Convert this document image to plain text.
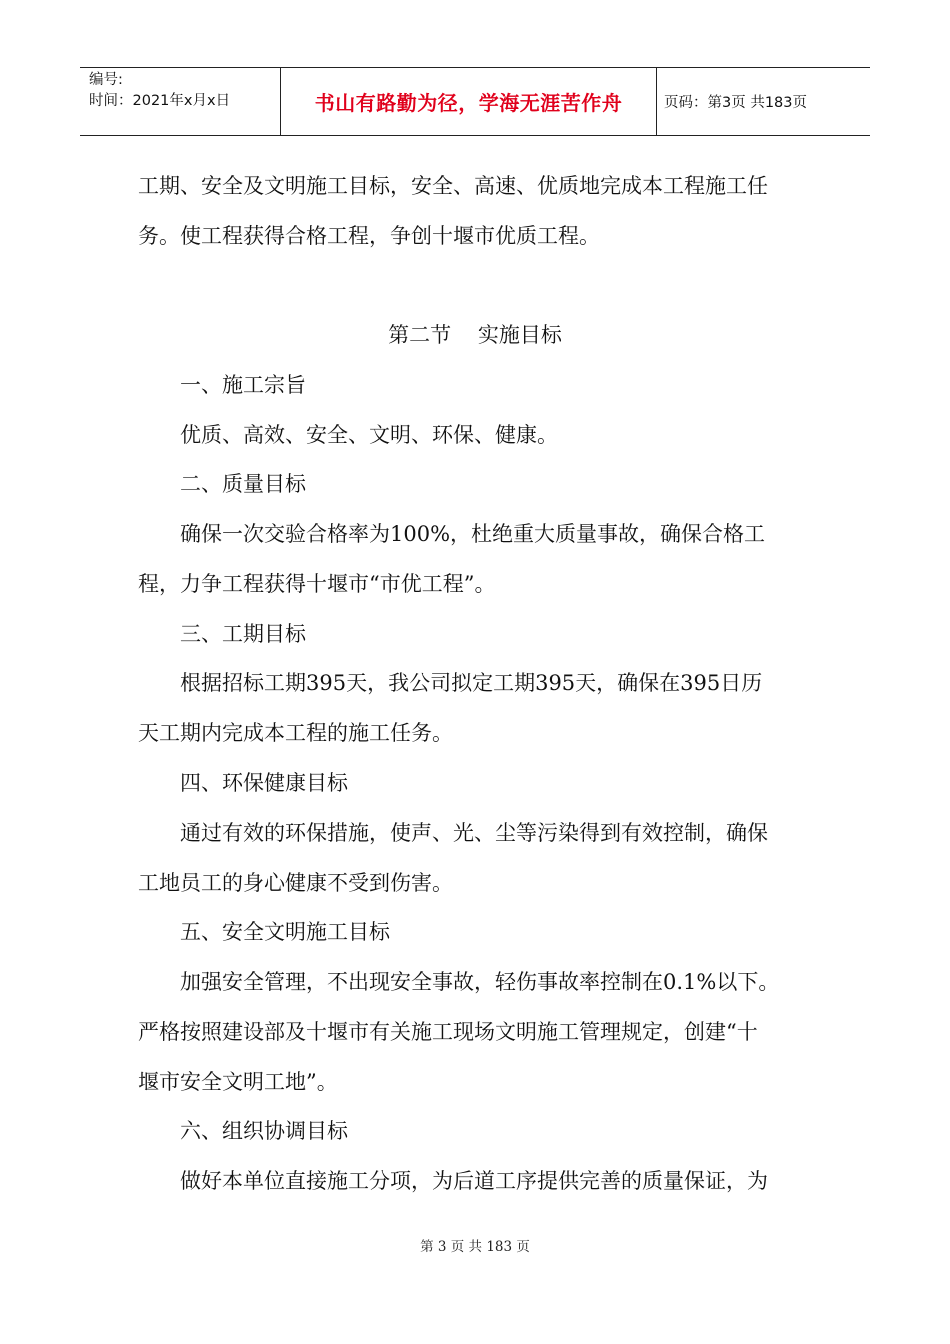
编号:
时间：2021年x月x日	书山有路勤为径，学海无涯苦作舟	页码：第3页 共183页
工期、安全及文明施工目标，安全、高速、优质地完成本工程施工任
务。使工程获得合格工程，争创十堰市优质工程。
第二节    实施目标
一、施工宗旨
优质、高效、安全、文明、环保、健康。
二、质量目标
确保一次交验合格率为100%，杜绝重大质量事故，确保合格工
程，力争工程获得十堰市“市优工程”。
三、工期目标
根据招标工期395天，我公司拟定工期395天，确保在395日历
天工期内完成本工程的施工任务。
四、环保健康目标
通过有效的环保措施，使声、光、尘等污染得到有效控制，确保
工地员工的身心健康不受到伤害。
五、安全文明施工目标
加强安全管理，不出现安全事故，轻伤事故率控制在0.1%以下。
严格按照建设部及十堰市有关施工现场文明施工管理规定，创建“十
堰市安全文明工地”。
六、组织协调目标
做好本单位直接施工分项，为后道工序提供完善的质量保证，为
第 3 页 共 183 页
